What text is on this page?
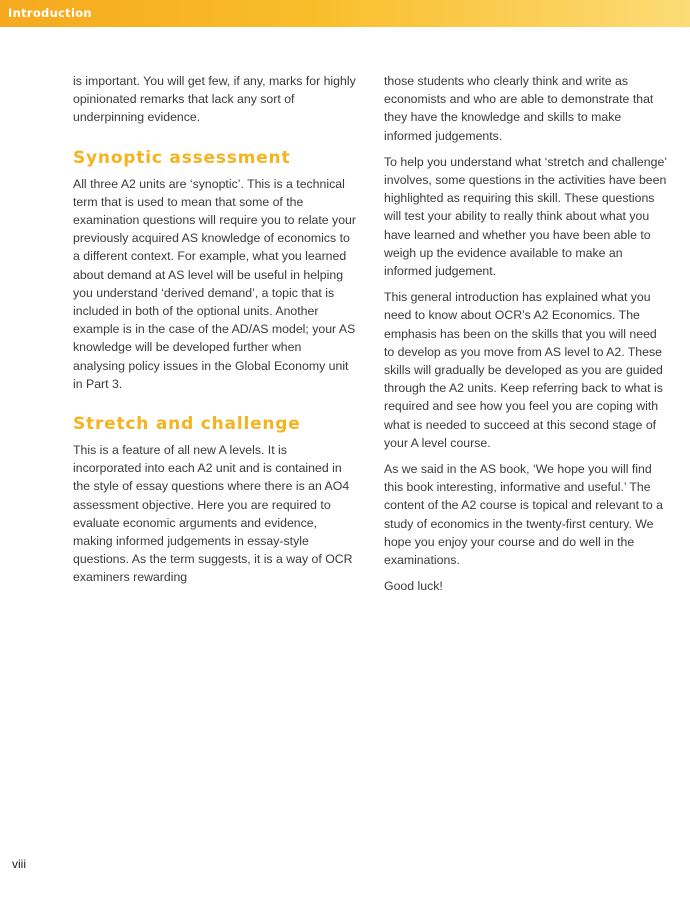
Introduction

is important. You will get few, if any, marks for highly opinionated remarks that lack any sort of underpinning evidence.

Synoptic assessment

All three A2 units are ‘synoptic’. This is a technical term that is used to mean that some of the examination questions will require you to relate your previously acquired AS knowledge of economics to a different context. For example, what you learned about demand at AS level will be useful in helping you understand ‘derived demand’, a topic that is included in both of the optional units. Another example is in the case of the AD/AS model; your AS knowledge will be developed further when analysing policy issues in the Global Economy unit in Part 3.

Stretch and challenge

This is a feature of all new A levels. It is incorporated into each A2 unit and is contained in the style of essay questions where there is an AO4 assessment objective. Here you are required to evaluate economic arguments and evidence, making informed judgements in essay-style questions. As the term suggests, it is a way of OCR examiners rewarding

those students who clearly think and write as economists and who are able to demonstrate that they have the knowledge and skills to make informed judgements.

To help you understand what ‘stretch and challenge’ involves, some questions in the activities have been highlighted as requiring this skill. These questions will test your ability to really think about what you have learned and whether you have been able to weigh up the evidence available to make an informed judgement.

This general introduction has explained what you need to know about OCR’s A2 Economics. The emphasis has been on the skills that you will need to develop as you move from AS level to A2. These skills will gradually be developed as you are guided through the A2 units. Keep referring back to what is required and see how you feel you are coping with what is needed to succeed at this second stage of your A level course.

As we said in the AS book, ‘We hope you will find this book interesting, informative and useful.’ The content of the A2 course is topical and relevant to a study of economics in the twenty-first century. We hope you enjoy your course and do well in the examinations.

Good luck!

viii
